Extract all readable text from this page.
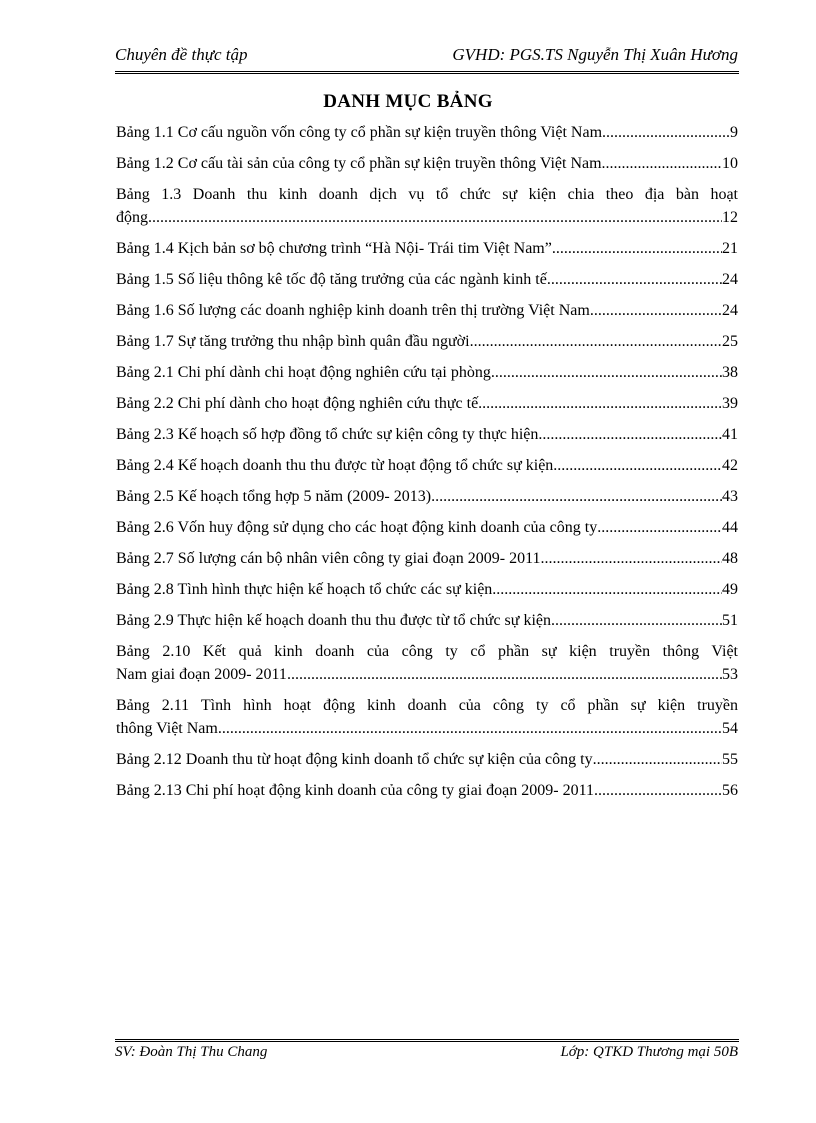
Chuyên đề thực tập	GVHD: PGS.TS Nguyễn Thị Xuân Hương
DANH MỤC BẢNG
Bảng 1.1 Cơ cấu nguồn vốn công ty cổ phần sự kiện truyền thông Việt Nam .....	9
Bảng 1.2 Cơ cấu tài sản của công ty cổ phần sự kiện truyền thông Việt Nam .....	10
Bảng 1.3 Doanh thu kinh doanh dịch vụ tổ chức sự kiện chia theo địa bàn hoạt
động .....	12
Bảng 1.4 Kịch bản sơ bộ chương trình “Hà Nội- Trái tim Việt Nam” .....	21
Bảng 1.5 Số liệu thông kê tốc độ tăng trưởng của các ngành kinh tế .....	24
Bảng 1.6 Số lượng các doanh nghiệp kinh doanh trên thị trường Việt Nam .....	24
Bảng 1.7 Sự tăng trưởng thu nhập bình quân đầu người .....	25
Bảng 2.1 Chi phí dành chi hoạt động nghiên cứu tại phòng .....	38
Bảng 2.2 Chi phí dành cho hoạt động nghiên cứu thực tế .....	39
Bảng 2.3 Kế hoạch số hợp đồng tổ chức sự kiện công ty thực hiện .....	41
Bảng 2.4 Kế hoạch doanh thu thu được từ hoạt động tổ chức sự kiện .....	42
Bảng 2.5 Kế hoạch tổng hợp 5 năm (2009- 2013) .....	43
Bảng 2.6 Vốn huy động sử dụng cho các hoạt động kinh doanh của công ty .....	44
Bảng 2.7 Số lượng cán bộ nhân viên công ty giai đoạn 2009- 2011 .....	48
Bảng 2.8 Tình hình thực hiện kế hoạch tổ chức các sự kiện .....	49
Bảng 2.9 Thực hiện kế hoạch doanh thu thu được từ tổ chức sự kiện .....	51
Bảng 2.10 Kết quả kinh doanh của công ty cổ phần sự kiện truyền thông Việt
Nam giai đoạn 2009- 2011 .....	53
Bảng 2.11 Tình hình hoạt động kinh doanh của công ty cổ phần sự kiện truyền
thông Việt Nam .....	54
Bảng 2.12 Doanh thu từ hoạt động kinh doanh tổ chức sự kiện của công ty .....	55
Bảng 2.13 Chi phí hoạt động kinh doanh của công ty giai đoạn 2009- 2011 .....	56
SV: Đoàn Thị Thu Chang	Lớp: QTKD Thương mại 50B
